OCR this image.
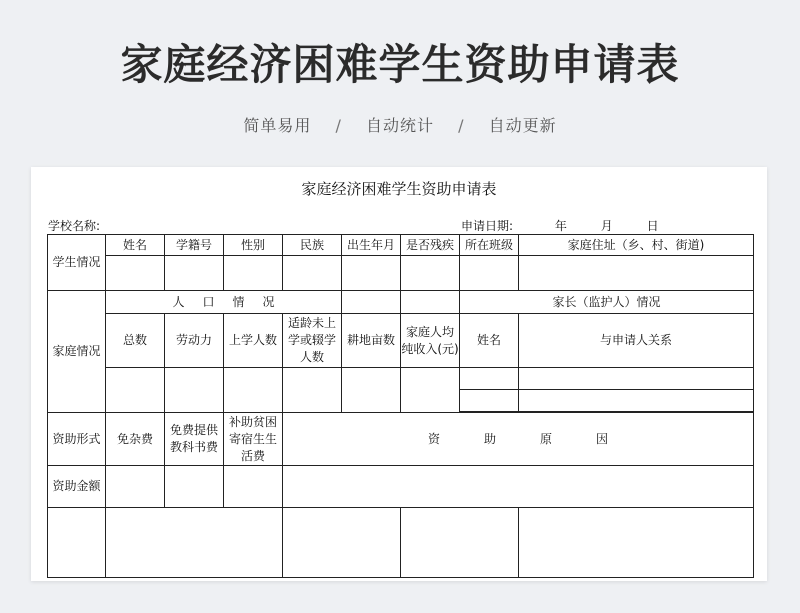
家庭经济困难学生资助申请表
简单易用 / 自动统计 / 自动更新
家庭经济困难学生资助申请表
学校名称:	申请日期:	年	月	日
学生情况	姓名	学籍号	性别	民族	出生年月	是否残疾	所在班级	家庭住址（乡、村、街道)

家庭情况	人 口 情 况						家长（监护人）情况	
	总数	劳动力	上学人数	适龄未上学或辍学人数	耕地亩数	家庭人均纯收入(元)	姓名	与申请人关系

资助形式	免杂费	免费提供教科书费	补助贫困寄宿生生活费	资 助 原 因				
资助金额								
